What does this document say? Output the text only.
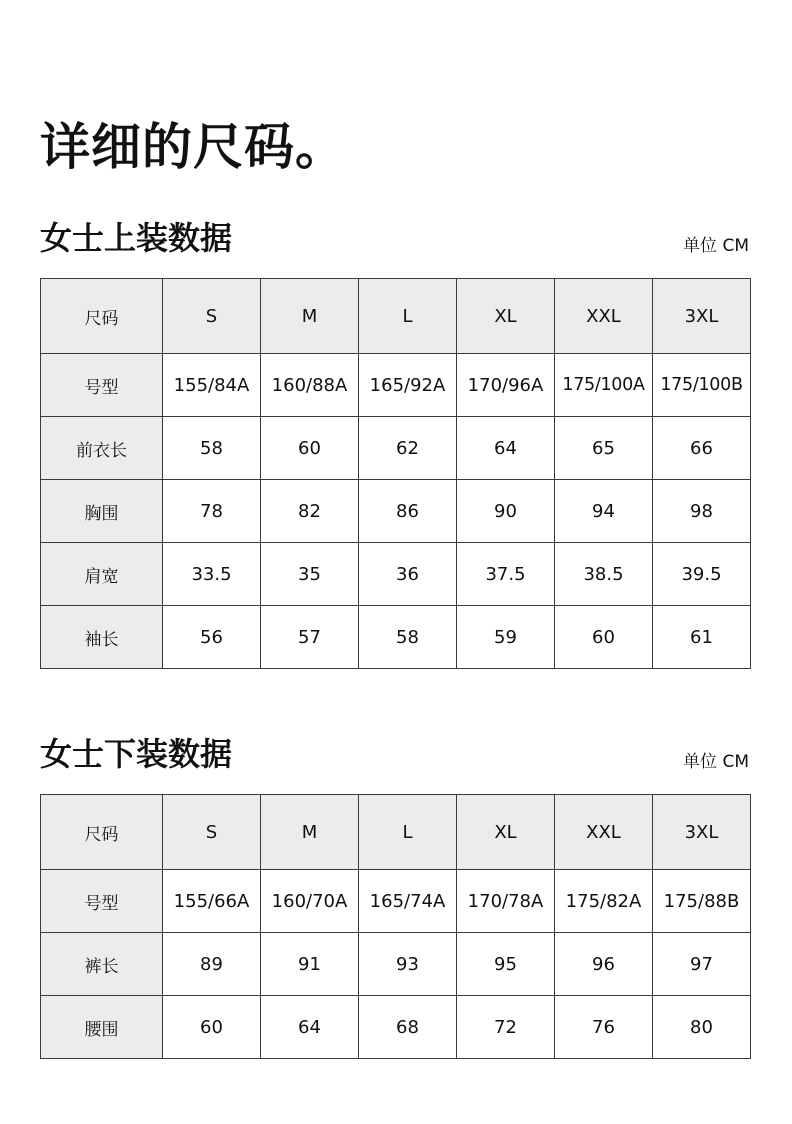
详细的尺码。
女士上装数据	单位 CM
尺码	S	M	L	XL	XXL	3XL
号型	155/84A	160/88A	165/92A	170/96A	175/100A	175/100B
前衣长	58	60	62	64	65	66
胸围	78	82	86	90	94	98
肩宽	33.5	35	36	37.5	38.5	39.5
袖长	56	57	58	59	60	61
女士下装数据	单位 CM
尺码	S	M	L	XL	XXL	3XL
号型	155/66A	160/70A	165/74A	170/78A	175/82A	175/88B
裤长	89	91	93	95	96	97
腰围	60	64	68	72	76	80
